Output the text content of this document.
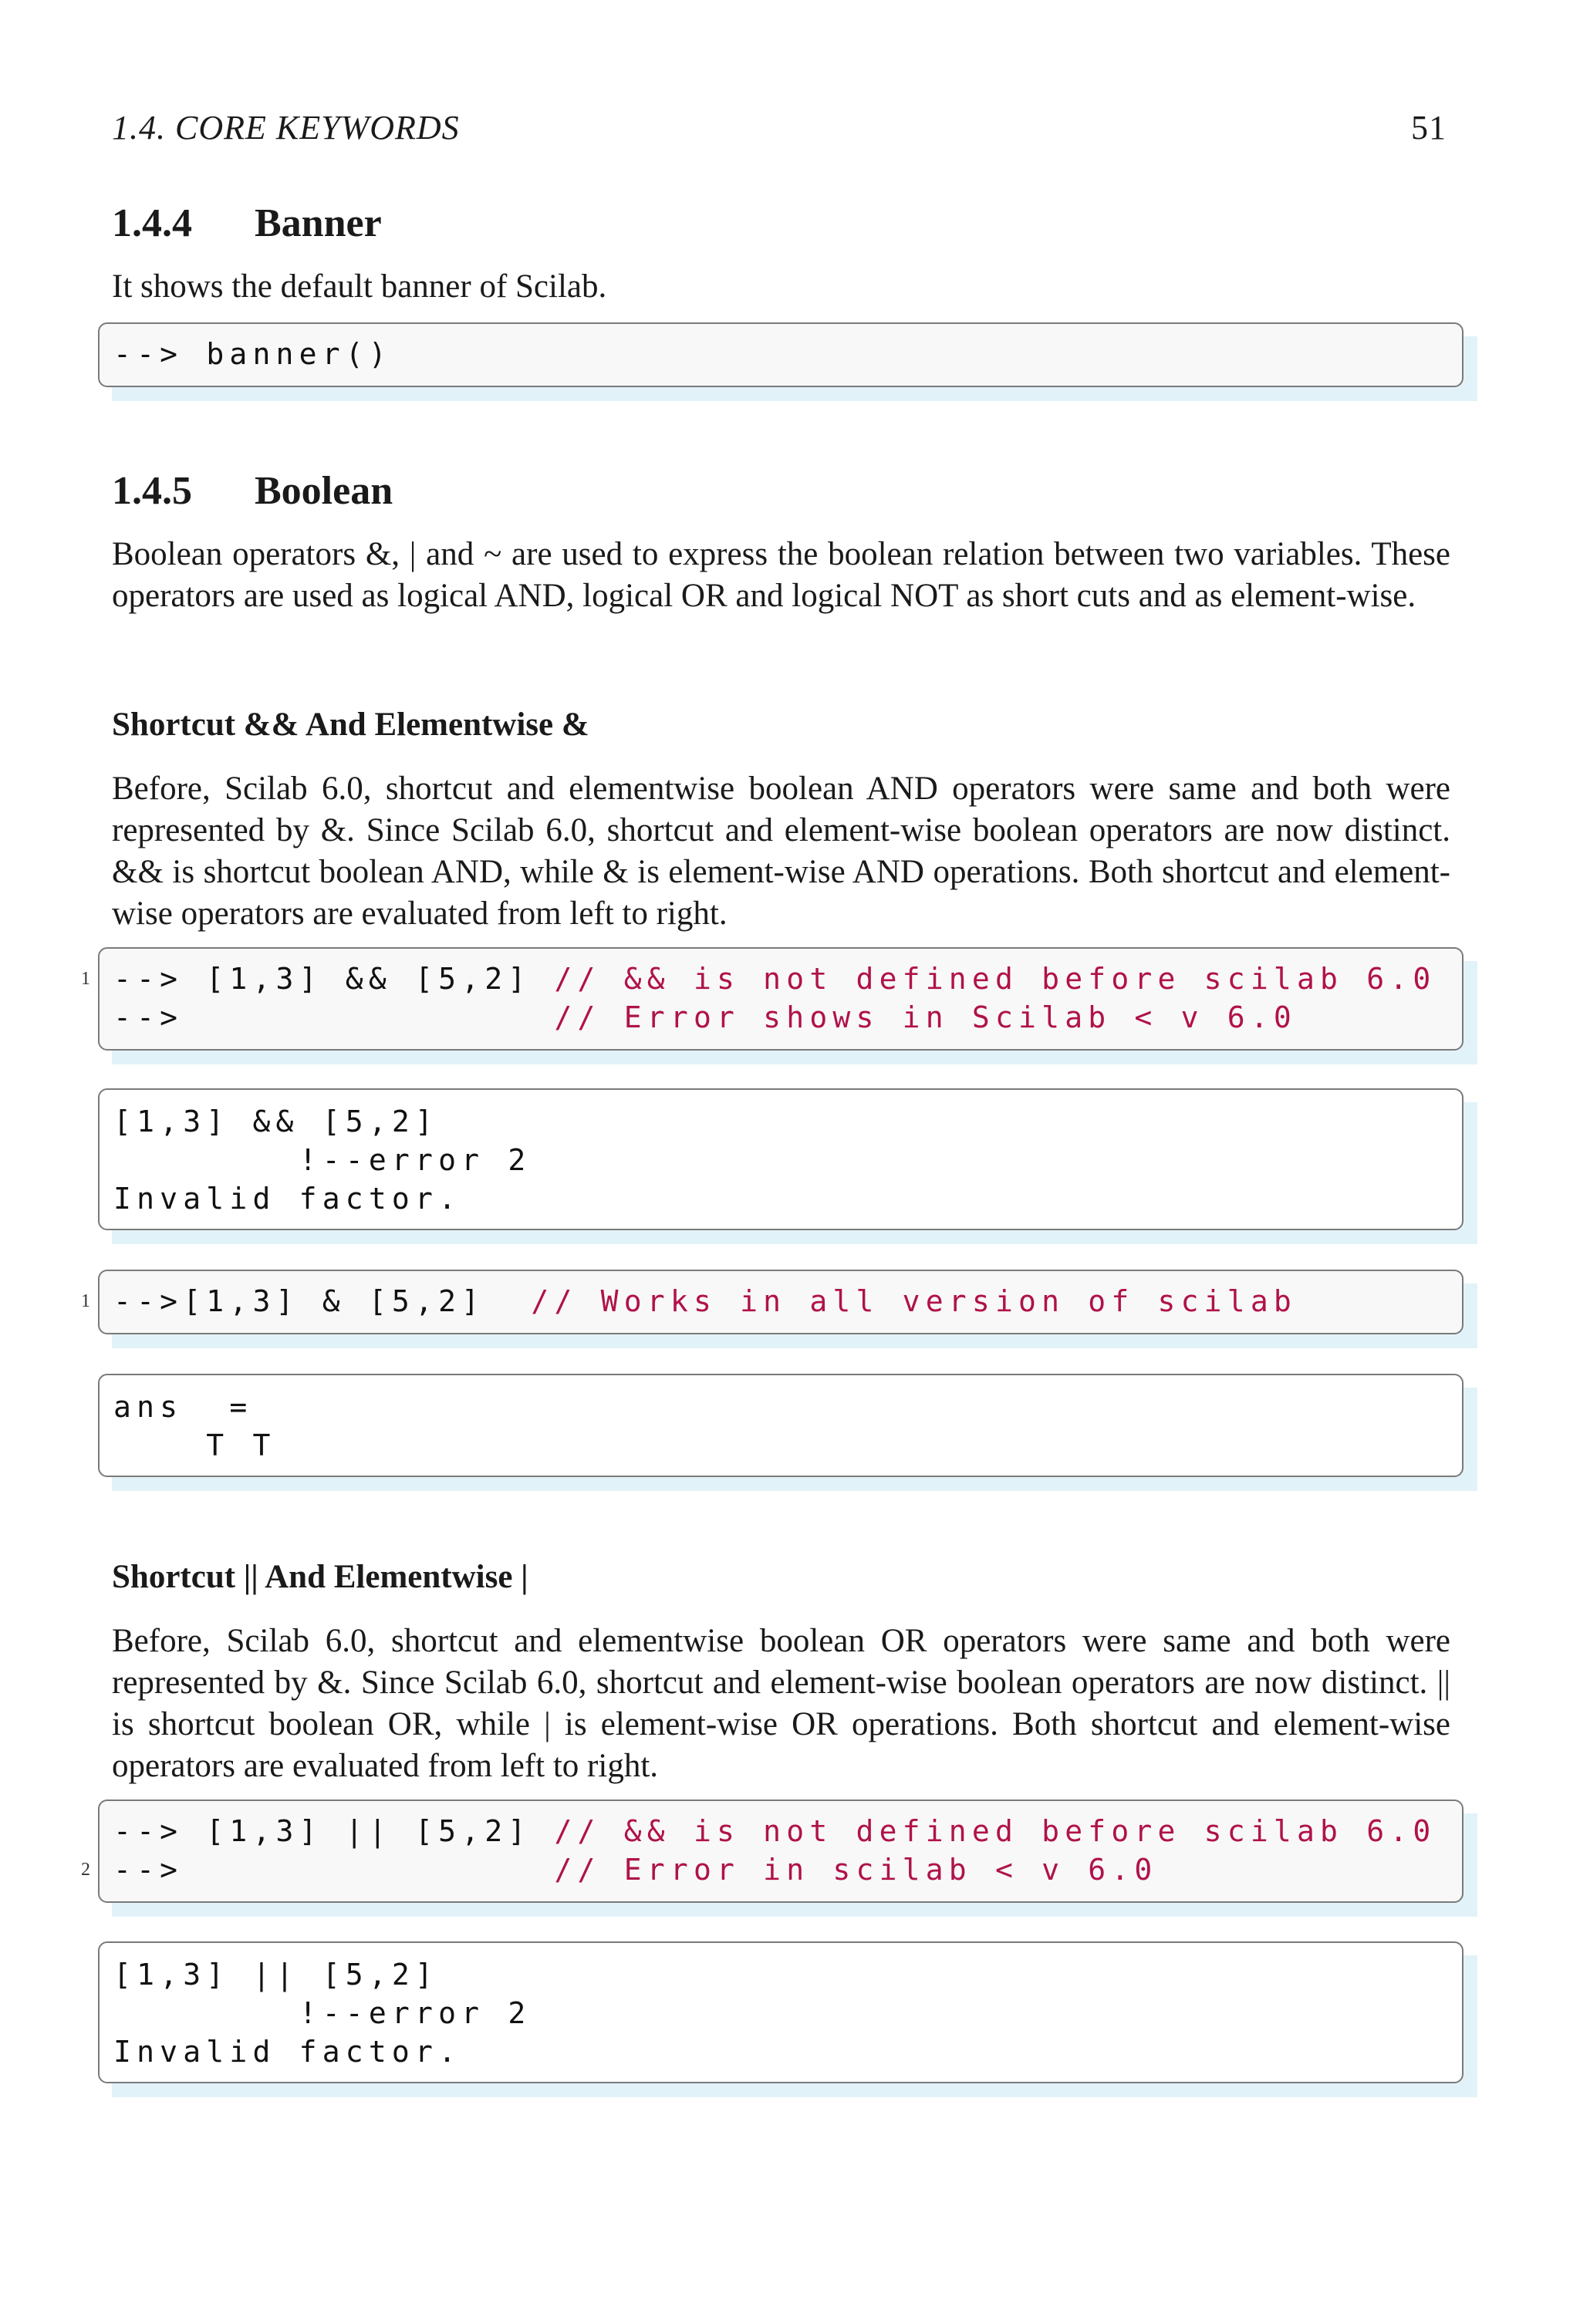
1.4. CORE KEYWORDS	51
1.4.4 Banner

It shows the default banner of Scilab.

--> banner()
1.4.5 Boolean

Boolean operators &, | and ~ are used to express the boolean relation between two variables. These operators are used as logical AND, logical OR and logical NOT as short cuts and as element-wise.

Shortcut && And Elementwise &

Before, Scilab 6.0, shortcut and elementwise boolean AND operators were same and both were represented by &. Since Scilab 6.0, shortcut and element-wise boolean operators are now distinct. && is shortcut boolean AND, while & is element-wise AND operations. Both shortcut and element-wise operators are evaluated from left to right.

1 --> [1,3] && [5,2] // && is not defined before scilab 6.0
-->                // Error shows in Scilab < v 6.0
[1,3] && [5,2]
!--error 2
Invalid factor.
1 -->[1,3] & [5,2]  // Works in all version of scilab
ans  =
T T
Shortcut || And Elementwise |

Before, Scilab 6.0, shortcut and elementwise boolean OR operators were same and both were represented by &. Since Scilab 6.0, shortcut and element-wise boolean operators are now distinct. || is shortcut boolean OR, while | is element-wise OR operations. Both shortcut and element-wise operators are evaluated from left to right.

2
--> [1,3] || [5,2] // && is not defined before scilab 6.0
-->                // Error in scilab < v 6.0
[1,3] || [5,2]
!--error 2
Invalid factor.
